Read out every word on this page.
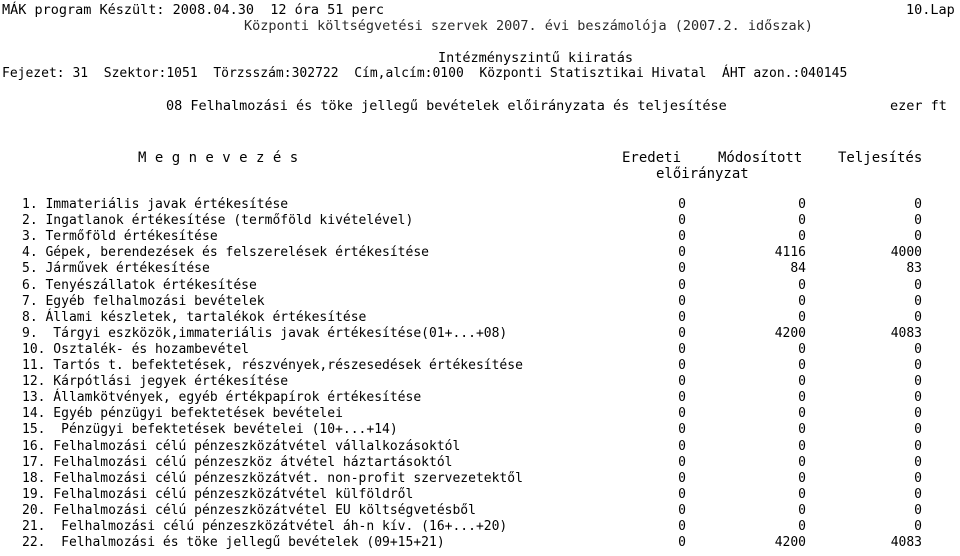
MÁK program Készült: 2008.04.30  12 óra 51 perc	10.Lap
Központi költségvetési szervek 2007. évi beszámolója (2007.2. időszak)
Intézményszintű kiiratás
Fejezet: 31  Szektor:1051  Törzsszám:302722  Cím,alcím:0100  Központi Statisztikai Hivatal  ÁHT azon.:040145
08 Felhalmozási és töke jellegű bevételek előirányzata és teljesítése	ezer ft
M e g n e v e z é s	Eredeti	Módosított	Teljesítés
előirányzat
1. Immateriális javak értékesítése	0	0	0
2. Ingatlanok értékesítése (termőföld kivételével)	0	0	0
3. Termőföld értékesítése	0	0	0
4. Gépek, berendezések és felszerelések értékesítése	0	4116	4000
5. Járművek értékesítése	0	84	83
6. Tenyészállatok értékesítése	0	0	0
7. Egyéb felhalmozási bevételek	0	0	0
8. Állami készletek, tartalékok értékesítése	0	0	0
9.  Tárgyi eszközök,immateriális javak értékesítése(01+...+08)	0	4200	4083
10. Osztalék- és hozambevétel	0	0	0
11. Tartós t. befektetések, részvények,részesedések értékesítése	0	0	0
12. Kárpótlási jegyek értékesítése	0	0	0
13. Államkötvények, egyéb értékpapírok értékesítése	0	0	0
14. Egyéb pénzügyi befektetések bevételei	0	0	0
15.  Pénzügyi befektetések bevételei (10+...+14)	0	0	0
16. Felhalmozási célú pénzeszközátvétel vállalkozásoktól	0	0	0
17. Felhalmozási célú pénzeszköz átvétel háztartásoktól	0	0	0
18. Felhalmozási célú pénzeszközátvét. non-profit szervezetektől	0	0	0
19. Felhalmozási célú pénzeszközátvétel külföldről	0	0	0
20. Felhalmozási célú pénzeszközátvétel EU költségvetésből	0	0	0
21.  Felhalmozási célú pénzeszközátvétel áh-n kív. (16+...+20)	0	0	0
22.  Felhalmozási és töke jellegű bevételek (09+15+21)	0	4200	4083
